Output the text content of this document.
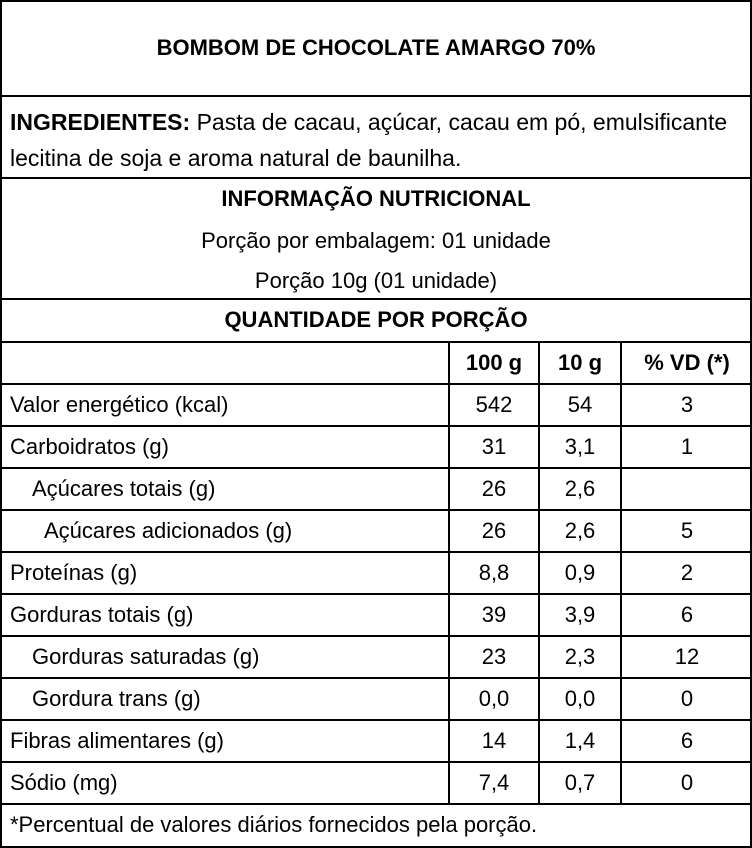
BOMBOM DE CHOCOLATE AMARGO 70%
INGREDIENTES: Pasta de cacau, açúcar, cacau em pó, emulsificante lecitina de soja e aroma natural de baunilha.
INFORMAÇÃO NUTRICIONAL
Porção por embalagem: 01 unidade
Porção 10g (01 unidade)
QUANTIDADE POR PORÇÃO
100 g	10 g	% VD (*)
Valor energético (kcal)	542	54	3
Carboidratos (g)	31	3,1	1
Açúcares totais (g)	26	2,6
Açúcares adicionados (g)	26	2,6	5
Proteínas (g)	8,8	0,9	2
Gorduras totais (g)	39	3,9	6
Gorduras saturadas (g)	23	2,3	12
Gordura trans (g)	0,0	0,0	0
Fibras alimentares (g)	14	1,4	6
Sódio (mg)	7,4	0,7	0
*Percentual de valores diários fornecidos pela porção.
